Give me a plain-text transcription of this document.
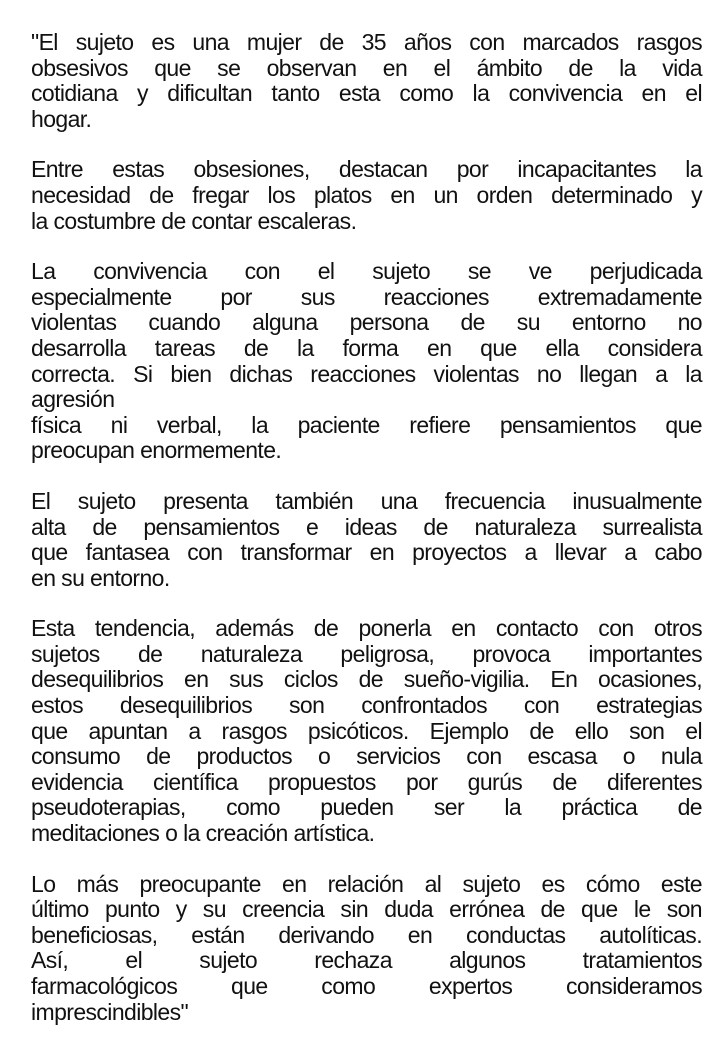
"El sujeto es una mujer de 35 años con marcados rasgos
obsesivos que se observan en el ámbito de la vida
cotidiana y dificultan tanto esta como la convivencia en el
hogar.

Entre estas obsesiones, destacan por incapacitantes la
necesidad de fregar los platos en un orden determinado y
la costumbre de contar escaleras.

La convivencia con el sujeto se ve perjudicada
especialmente por sus reacciones extremadamente
violentas cuando alguna persona de su entorno no
desarrolla tareas de la forma en que ella considera
correcta. Si bien dichas reacciones violentas no llegan a la
agresión
física ni verbal, la paciente refiere pensamientos que
preocupan enormemente.

El sujeto presenta también una frecuencia inusualmente
alta de pensamientos e ideas de naturaleza surrealista
que fantasea con transformar en proyectos a llevar a cabo
en su entorno.

Esta tendencia, además de ponerla en contacto con otros
sujetos de naturaleza peligrosa, provoca importantes
desequilibrios en sus ciclos de sueño-vigilia. En ocasiones,
estos desequilibrios son confrontados con estrategias
que apuntan a rasgos psicóticos. Ejemplo de ello son el
consumo de productos o servicios con escasa o nula
evidencia científica propuestos por gurús de diferentes
pseudoterapias, como pueden ser la práctica de
meditaciones o la creación artística.

Lo más preocupante en relación al sujeto es cómo este
último punto y su creencia sin duda errónea de que le son
beneficiosas, están derivando en conductas autolíticas.
Así, el sujeto rechaza algunos tratamientos
farmacológicos que como expertos consideramos
imprescindibles"
